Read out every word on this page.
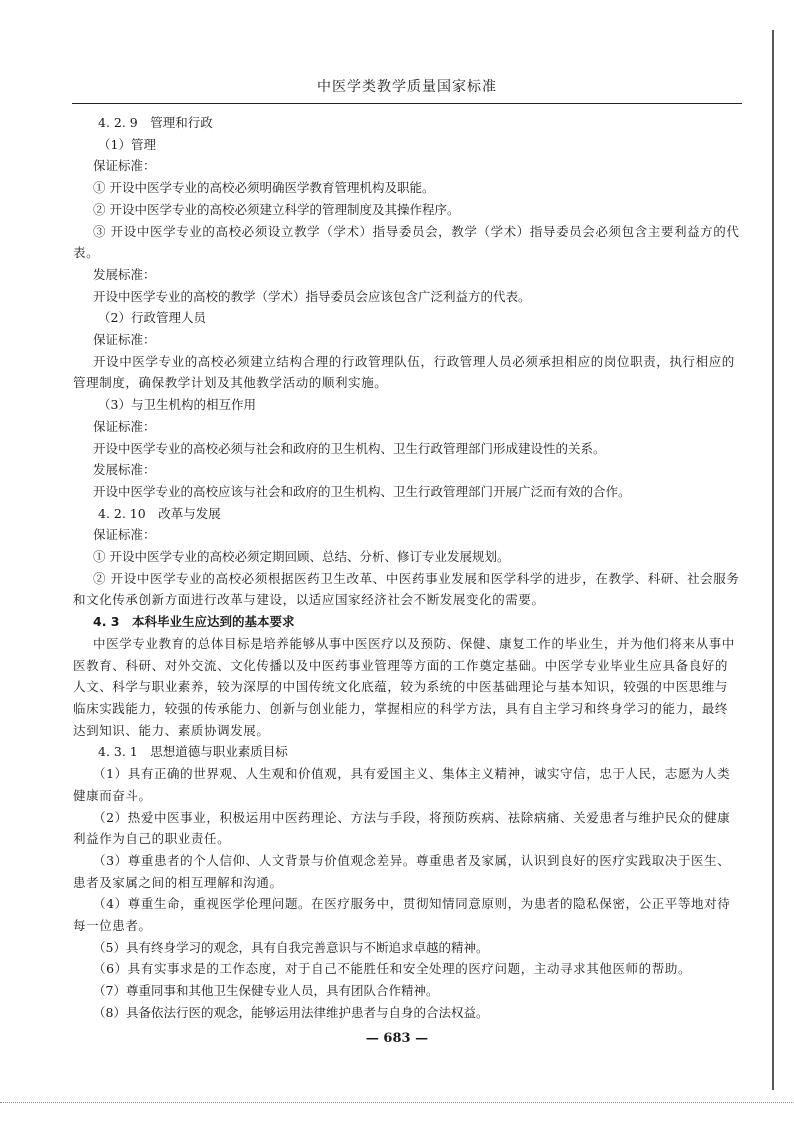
中医学类教学质量国家标准
4. 2. 9　管理和行政
（1）管理
保证标准：
① 开设中医学专业的高校必须明确医学教育管理机构及职能。
② 开设中医学专业的高校必须建立科学的管理制度及其操作程序。
③ 开设中医学专业的高校必须设立教学（学术）指导委员会，教学（学术）指导委员会必须包含主要利益方的代表。
发展标准：
开设中医学专业的高校的教学（学术）指导委员会应该包含广泛利益方的代表。
（2）行政管理人员
保证标准：
开设中医学专业的高校必须建立结构合理的行政管理队伍，行政管理人员必须承担相应的岗位职责，执行相应的管理制度，确保教学计划及其他教学活动的顺利实施。
（3）与卫生机构的相互作用
保证标准：
开设中医学专业的高校必须与社会和政府的卫生机构、卫生行政管理部门形成建设性的关系。
发展标准：
开设中医学专业的高校应该与社会和政府的卫生机构、卫生行政管理部门开展广泛而有效的合作。
4. 2. 10　改革与发展
保证标准：
① 开设中医学专业的高校必须定期回顾、总结、分析、修订专业发展规划。
② 开设中医学专业的高校必须根据医药卫生改革、中医药事业发展和医学科学的进步，在教学、科研、社会服务和文化传承创新方面进行改革与建设，以适应国家经济社会不断发展变化的需要。
4. 3　本科毕业生应达到的基本要求
中医学专业教育的总体目标是培养能够从事中医医疗以及预防、保健、康复工作的毕业生，并为他们将来从事中医教育、科研、对外交流、文化传播以及中医药事业管理等方面的工作奠定基础。中医学专业毕业生应具备良好的人文、科学与职业素养，较为深厚的中国传统文化底蕴，较为系统的中医基础理论与基本知识，较强的中医思维与临床实践能力，较强的传承能力、创新与创业能力，掌握相应的科学方法，具有自主学习和终身学习的能力，最终达到知识、能力、素质协调发展。
4. 3. 1　思想道德与职业素质目标
（1）具有正确的世界观、人生观和价值观，具有爱国主义、集体主义精神，诚实守信，忠于人民，志愿为人类健康而奋斗。
（2）热爱中医事业，积极运用中医药理论、方法与手段，将预防疾病、祛除病痛、关爱患者与维护民众的健康利益作为自己的职业责任。
（3）尊重患者的个人信仰、人文背景与价值观念差异。尊重患者及家属，认识到良好的医疗实践取决于医生、患者及家属之间的相互理解和沟通。
（4）尊重生命，重视医学伦理问题。在医疗服务中，贯彻知情同意原则，为患者的隐私保密，公正平等地对待每一位患者。
（5）具有终身学习的观念，具有自我完善意识与不断追求卓越的精神。
（6）具有实事求是的工作态度，对于自己不能胜任和安全处理的医疗问题，主动寻求其他医师的帮助。
（7）尊重同事和其他卫生保健专业人员，具有团队合作精神。
（8）具备依法行医的观念，能够运用法律维护患者与自身的合法权益。
— 683 —
